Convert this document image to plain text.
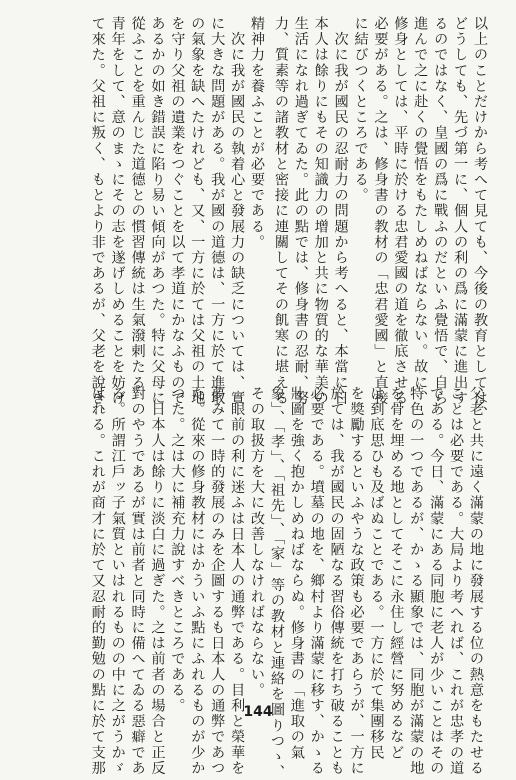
以上のことだけから考へて見ても、今後の教育としては、
どうしても、先づ第一に、個人の利の爲に滿蒙に進出す
るのではなく、皇國の爲に戰ふのだといふ覺悟で、自ら
進んで之に赴くの覺悟をもたしめねばならない。故に、
修身としては、平時に於ける忠君愛國の道を徹底させる
必要がある。之は、修身書の教材の「忠君愛國」と直接
に結びつくところである。
　次に我が國民の忍耐力の問題から考へると、本當に日
本人は餘りにもその知識力の增加と共に物質的な華美の
生活になれ過ぎてゐた。此の點では、修身書の忍耐、努
力、質素等の諸教材と密接に連關してその飢寒に堪える
精神力を養ふことが必要である。
　次に我が國民の執着心と發展力の缺乏については、實
に大きな問題がある。我が國の道德は、一方に於て進取
の氣象を缺へたけれども、又、一方に於ては父祖の土地
を守り父祖の遺業をつぐことを以て孝道にかなふもので
あるかの如き錯誤に陷り易い傾向があつた。特に父母に
從ふことを重んじた道德との慣習傳統は生氣潑剌たる
青年をして、意のまゝにその志を遂げしめることを妨げ
て來た。父祖に叛く、もとより非であるが、父老を說き、
父老と共に遠く滿蒙の地に發展する位の熱意をもたせる
ことは必要である。大局より考へれば、これが忠孝の道
である。今日、滿蒙にある同胞に老人が少いことはその
特色の一つであるが、かゝる顯象では、同胞が滿蒙の地
を骨を埋める地としてそこに永住し經營に努めるなど
は到底思ひも及ばぬことである。一方に於て集團移民
を獎勵するといふやうな政策も必要であらうが、一方に
於ては、我が國民の固陋なる習俗傳統を打ち破ることも
必要である。墳墓の地を、鄉村より滿蒙に移す、かゝる
壯圖を強く抱かしめねばならぬ。修身書の「進取の氣
象」、「孝」、「祖先」、「家」等の教材と連絡を圖りつゝ、
その取扱方を大に改善しなければならない。
　眼前の利に迷ふは日本人の通弊である。目利と榮華を
夢みて一時的發展のみを企圖するも日本人の通弊であつ
た。從來の修身教材にはかういふ點にふれるものが少か
つた。之は大に補充力說すべきところである。
　日本人は餘りに淡白に過ぎた。之は前者の場合と正反
對のやうであるが實は前者と同時に備へてゐる惡癖であ
る。所謂江戶ッ子氣質といはれるものの中に之がうかゞ
はれる。これが商才に於て又忍耐的勤勉の點に於て支那	144
